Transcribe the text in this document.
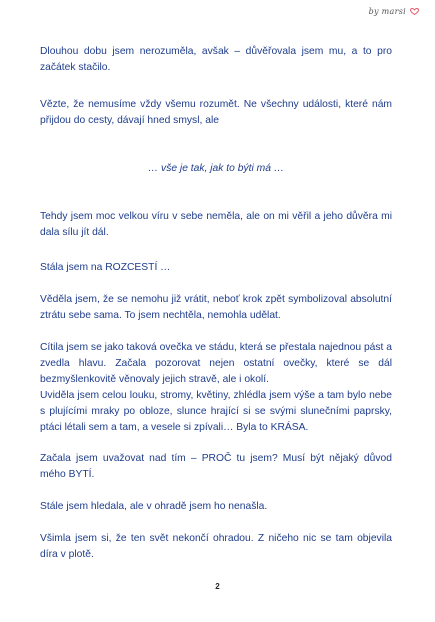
by marsi

Dlouhou dobu jsem nerozuměla, avšak – důvěřovala jsem mu, a to pro začátek stačilo.

Vězte, že nemusíme vždy všemu rozumět. Ne všechny události, které nám přijdou do cesty, dávají hned smysl, ale

… vše je tak, jak to býti má …

Tehdy jsem moc velkou víru v sebe neměla, ale on mi věřil a jeho důvěra mi dala sílu jít dál.

Stála jsem na ROZCESTÍ …

Věděla jsem, že se nemohu již vrátit, neboť krok zpět symbolizoval absolutní ztrátu sebe sama. To jsem nechtěla, nemohla udělat.

Cítila jsem se jako taková ovečka ve stádu, která se přestala najednou pást a zvedla hlavu. Začala pozorovat nejen ostatní ovečky, které se dál bezmyšlenkovitě věnovaly jejich stravě, ale i okolí.

Uviděla jsem celou louku, stromy, květiny, zhlédla jsem výše a tam bylo nebe s plujícími mraky po obloze, slunce hrající si se svými slunečními paprsky, ptáci létali sem a tam, a vesele si zpívali… Byla to KRÁSA.

Začala jsem uvažovat nad tím – PROČ tu jsem? Musí být nějaký důvod mého BYTÍ.

Stále jsem hledala, ale v ohradě jsem ho nenašla.

Všimla jsem si, že ten svět nekončí ohradou. Z ničeho nic se tam objevila díra v plotě.

2
